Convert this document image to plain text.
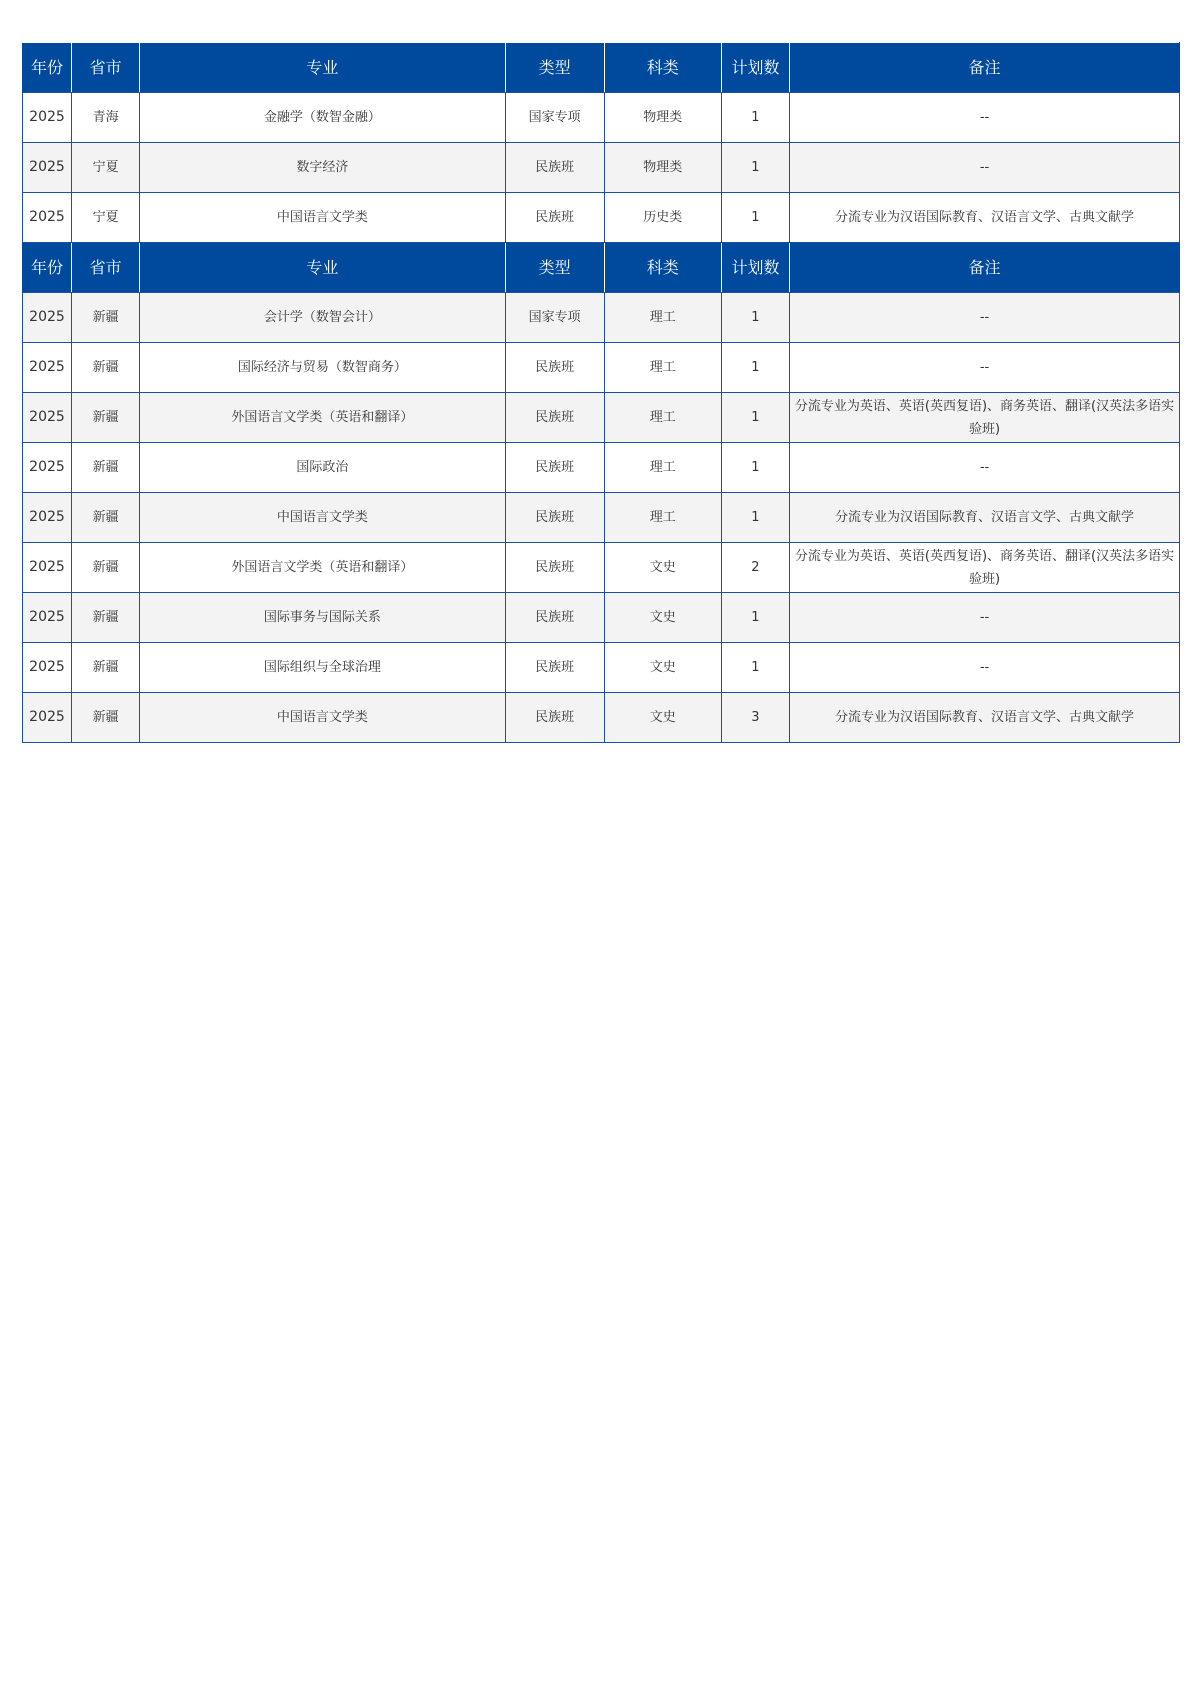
年份	省市	专业	类型	科类	计划数	备注
2025	青海	金融学（数智金融）	国家专项	物理类	1	--
2025	宁夏	数字经济	民族班	物理类	1	--
2025	宁夏	中国语言文学类	民族班	历史类	1	分流专业为汉语国际教育、汉语言文学、古典文献学
年份	省市	专业	类型	科类	计划数	备注
2025	新疆	会计学（数智会计）	国家专项	理工	1	--
2025	新疆	国际经济与贸易（数智商务）	民族班	理工	1	--
2025	新疆	外国语言文学类（英语和翻译）	民族班	理工	1	分流专业为英语、英语(英西复语)、商务英语、翻译(汉英法多语实验班)
2025	新疆	国际政治	民族班	理工	1	--
2025	新疆	中国语言文学类	民族班	理工	1	分流专业为汉语国际教育、汉语言文学、古典文献学
2025	新疆	外国语言文学类（英语和翻译）	民族班	文史	2	分流专业为英语、英语(英西复语)、商务英语、翻译(汉英法多语实验班)
2025	新疆	国际事务与国际关系	民族班	文史	1	--
2025	新疆	国际组织与全球治理	民族班	文史	1	--
2025	新疆	中国语言文学类	民族班	文史	3	分流专业为汉语国际教育、汉语言文学、古典文献学
